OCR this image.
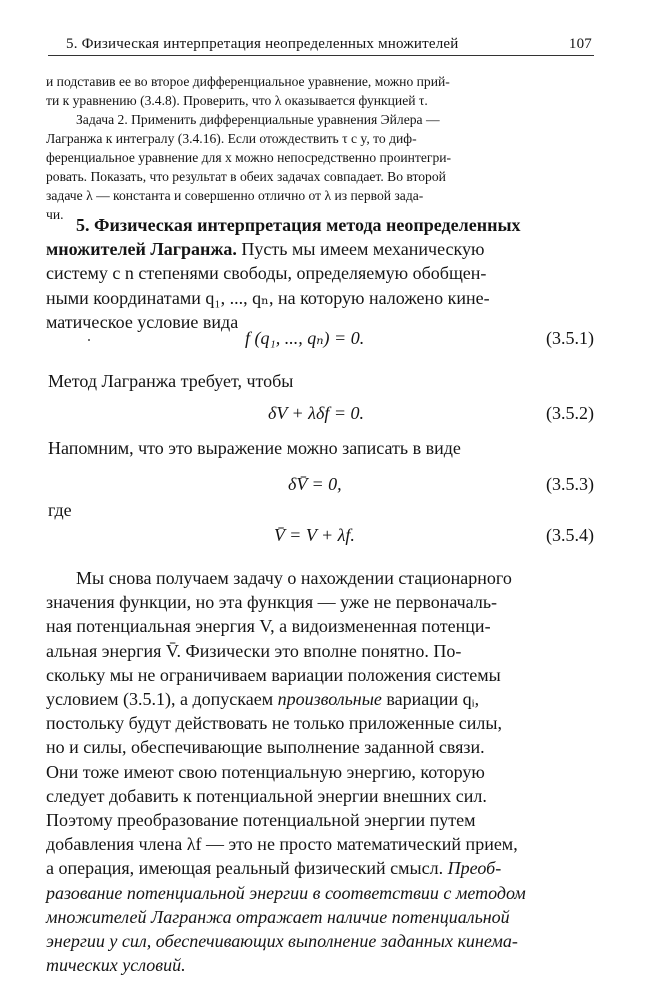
5. Физическая интерпретация неопределенных множителей	107
и подставив ее во второе дифференциальное уравнение, можно прий-
ти к уравнению (3.4.8). Проверить, что λ оказывается функцией τ.
Задача 2. Применить дифференциальные уравнения Эйлера —
Лагранжа к интегралу (3.4.16). Если отождествить τ с y, то диф-
ференциальное уравнение для x можно непосредственно проинтегри-
ровать. Показать, что результат в обеих задачах совпадает. Во второй
задаче λ — константа и совершенно отлично от λ из первой зада-
чи.
5. Физическая интерпретация метода неопределенных
множителей Лагранжа. Пусть мы имеем механическую
систему с n степенями свободы, определяемую обобщен-
ными координатами q₁, ..., qₙ, на которую наложено кине-
матическое условие вида
f (q₁, ..., qₙ) = 0.	(3.5.1)
Метод Лагранжа требует, чтобы
δV + λδf = 0.	(3.5.2)
Напомним, что это выражение можно записать в виде
δV̄ = 0,	(3.5.3)
где
V̄ = V + λf.	(3.5.4)
Мы снова получаем задачу о нахождении стационарного
значения функции, но эта функция — уже не первоначаль-
ная потенциальная энергия V, а видоизмененная потенци-
альная энергия V̄. Физически это вполне понятно. По-
скольку мы не ограничиваем вариации положения системы
условием (3.5.1), а допускаем произвольные вариации qᵢ,
постольку будут действовать не только приложенные силы,
но и силы, обеспечивающие выполнение заданной связи.
Они тоже имеют свою потенциальную энергию, которую
следует добавить к потенциальной энергии внешних сил.
Поэтому преобразование потенциальной энергии путем
добавления члена λf — это не просто математический прием,
а операция, имеющая реальный физический смысл. Преоб-
разование потенциальной энергии в соответствии с методом
множителей Лагранжа отражает наличие потенциальной
энергии у сил, обеспечивающих выполнение заданных кинема-
тических условий.
